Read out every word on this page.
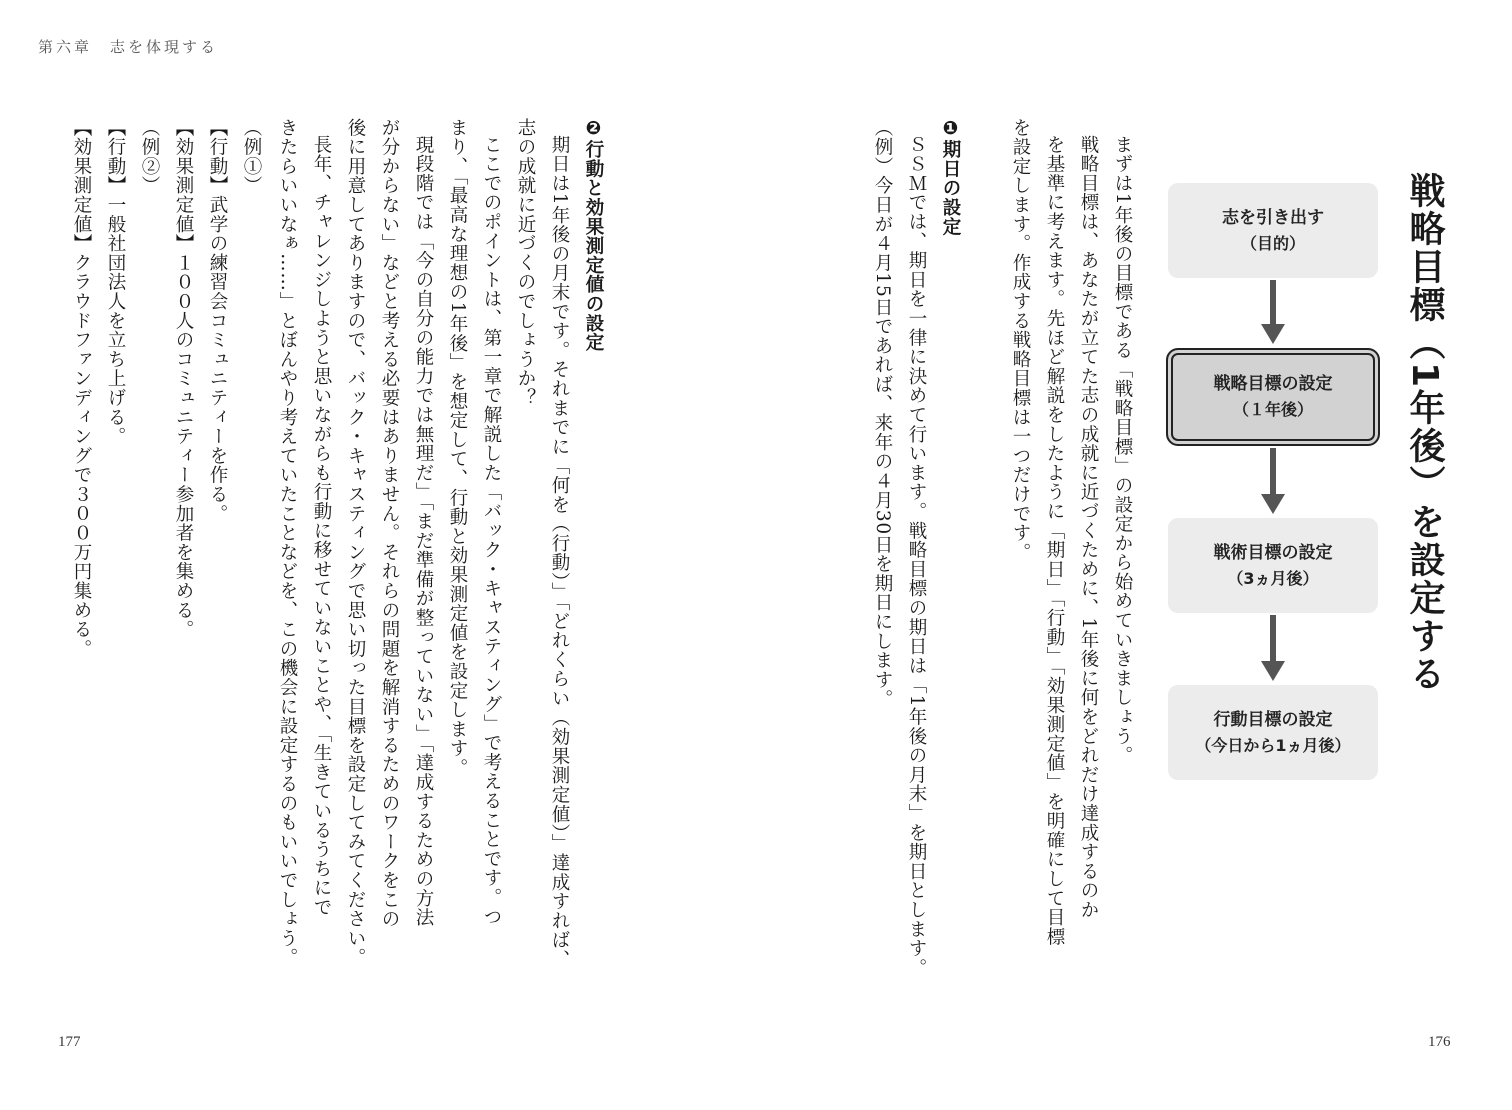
第六章　志を体現する
戦略目標（1年後）を設定する
志を引き出す
（目的）
戦略目標の設定
（１年後）
戦術目標の設定
（3ヵ月後）
行動目標の設定
（今日から1ヵ月後）

まずは1年後の目標である「戦略目標」の設定から始めていきましょう。

戦略目標は、あなたが立てた志の成就に近づくために、1年後に何をどれだけ達成するのか

を基準に考えます。先ほど解説をしたように「期日」「行動」「効果測定値」を明確にして目標

を設定します。作成する戦略目標は一つだけです。

❶期日の設定

ＳＳＭでは、期日を一律に決めて行います。戦略目標の期日は「1年後の月末」を期日とします。

（例）今日が４月15日であれば、来年の４月30日を期日にします。

❷行動と効果測定値の設定

期日は1年後の月末です。それまでに「何を（行動）」「どれくらい（効果測定値）」達成すれば、

志の成就に近づくのでしょうか？

ここでのポイントは、第一章で解説した「バック・キャスティング」で考えることです。つ

まり、「最高な理想の1年後」を想定して、行動と効果測定値を設定します。

現段階では「今の自分の能力では無理だ」「まだ準備が整っていない」「達成するための方法

が分からない」などと考える必要はありません。それらの問題を解消するためのワークをこの

後に用意してありますので、バック・キャスティングで思い切った目標を設定してみてください。

長年、チャレンジしようと思いながらも行動に移せていないことや、「生きているうちにで

きたらいいなぁ……」とぼんやり考えていたことなどを、この機会に設定するのもいいでしょう。

（例①）

【行動】武学の練習会コミュニティーを作る。

【効果測定値】１００人のコミュニティー参加者を集める。

（例②）

【行動】一般社団法人を立ち上げる。

【効果測定値】クラウドファンディングで３００万円集める。

177	176
